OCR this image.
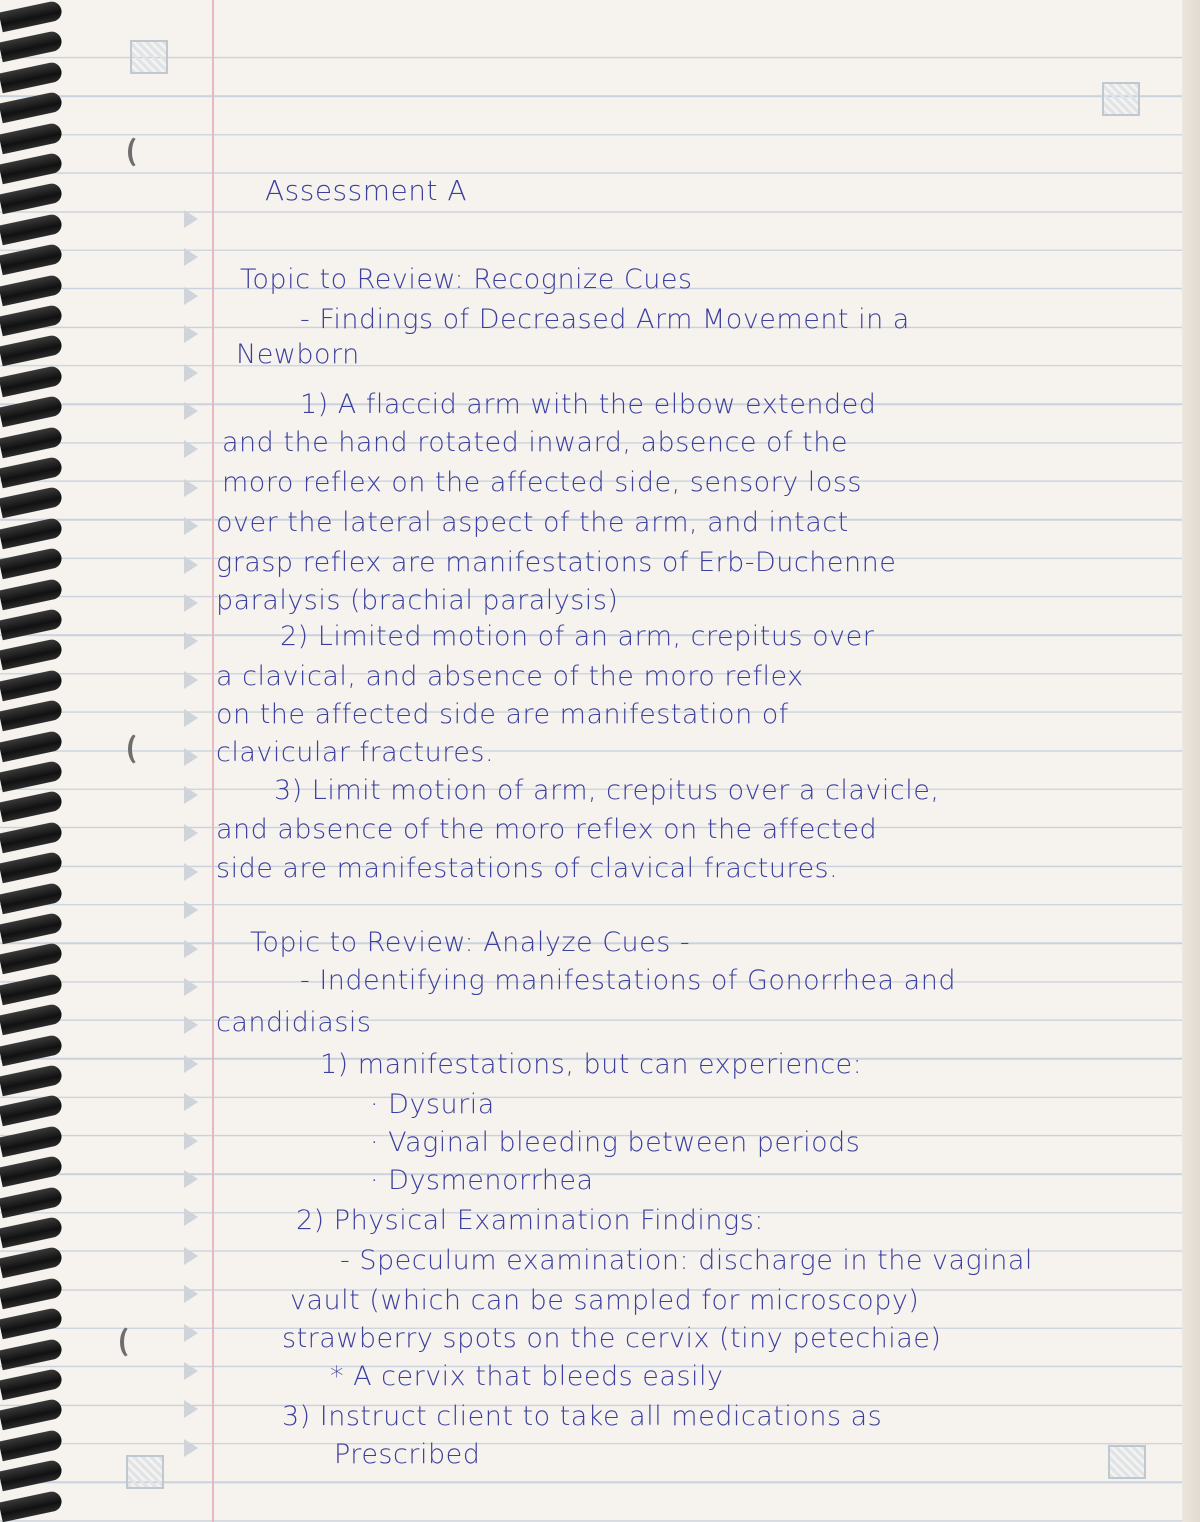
Assessment A

Topic to Review: Recognize Cues

- Findings of Decreased Arm Movement in a

Newborn

1) A flaccid arm with the elbow extended

and the hand rotated inward, absence of the

moro reflex on the affected side, sensory loss

over the lateral aspect of the arm, and intact

grasp reflex are manifestations of Erb-Duchenne

paralysis (brachial paralysis)

2) Limited motion of an arm, crepitus over

a clavical, and absence of the moro reflex

on the affected side are manifestation of

clavicular fractures.

3) Limit motion of arm, crepitus over a clavicle,

and absence of the moro reflex on the affected

side are manifestations of clavical fractures.

Topic to Review: Analyze Cues -

- Indentifying manifestations of Gonorrhea and

candidiasis

1) manifestations, but can experience:

· Dysuria

· Vaginal bleeding between periods

· Dysmenorrhea

2) Physical Examination Findings:

- Speculum examination: discharge in the vaginal

vault (which can be sampled for microscopy)

strawberry spots on the cervix (tiny petechiae)

* A cervix that bleeds easily

3) Instruct client to take all medications as

Prescribed
